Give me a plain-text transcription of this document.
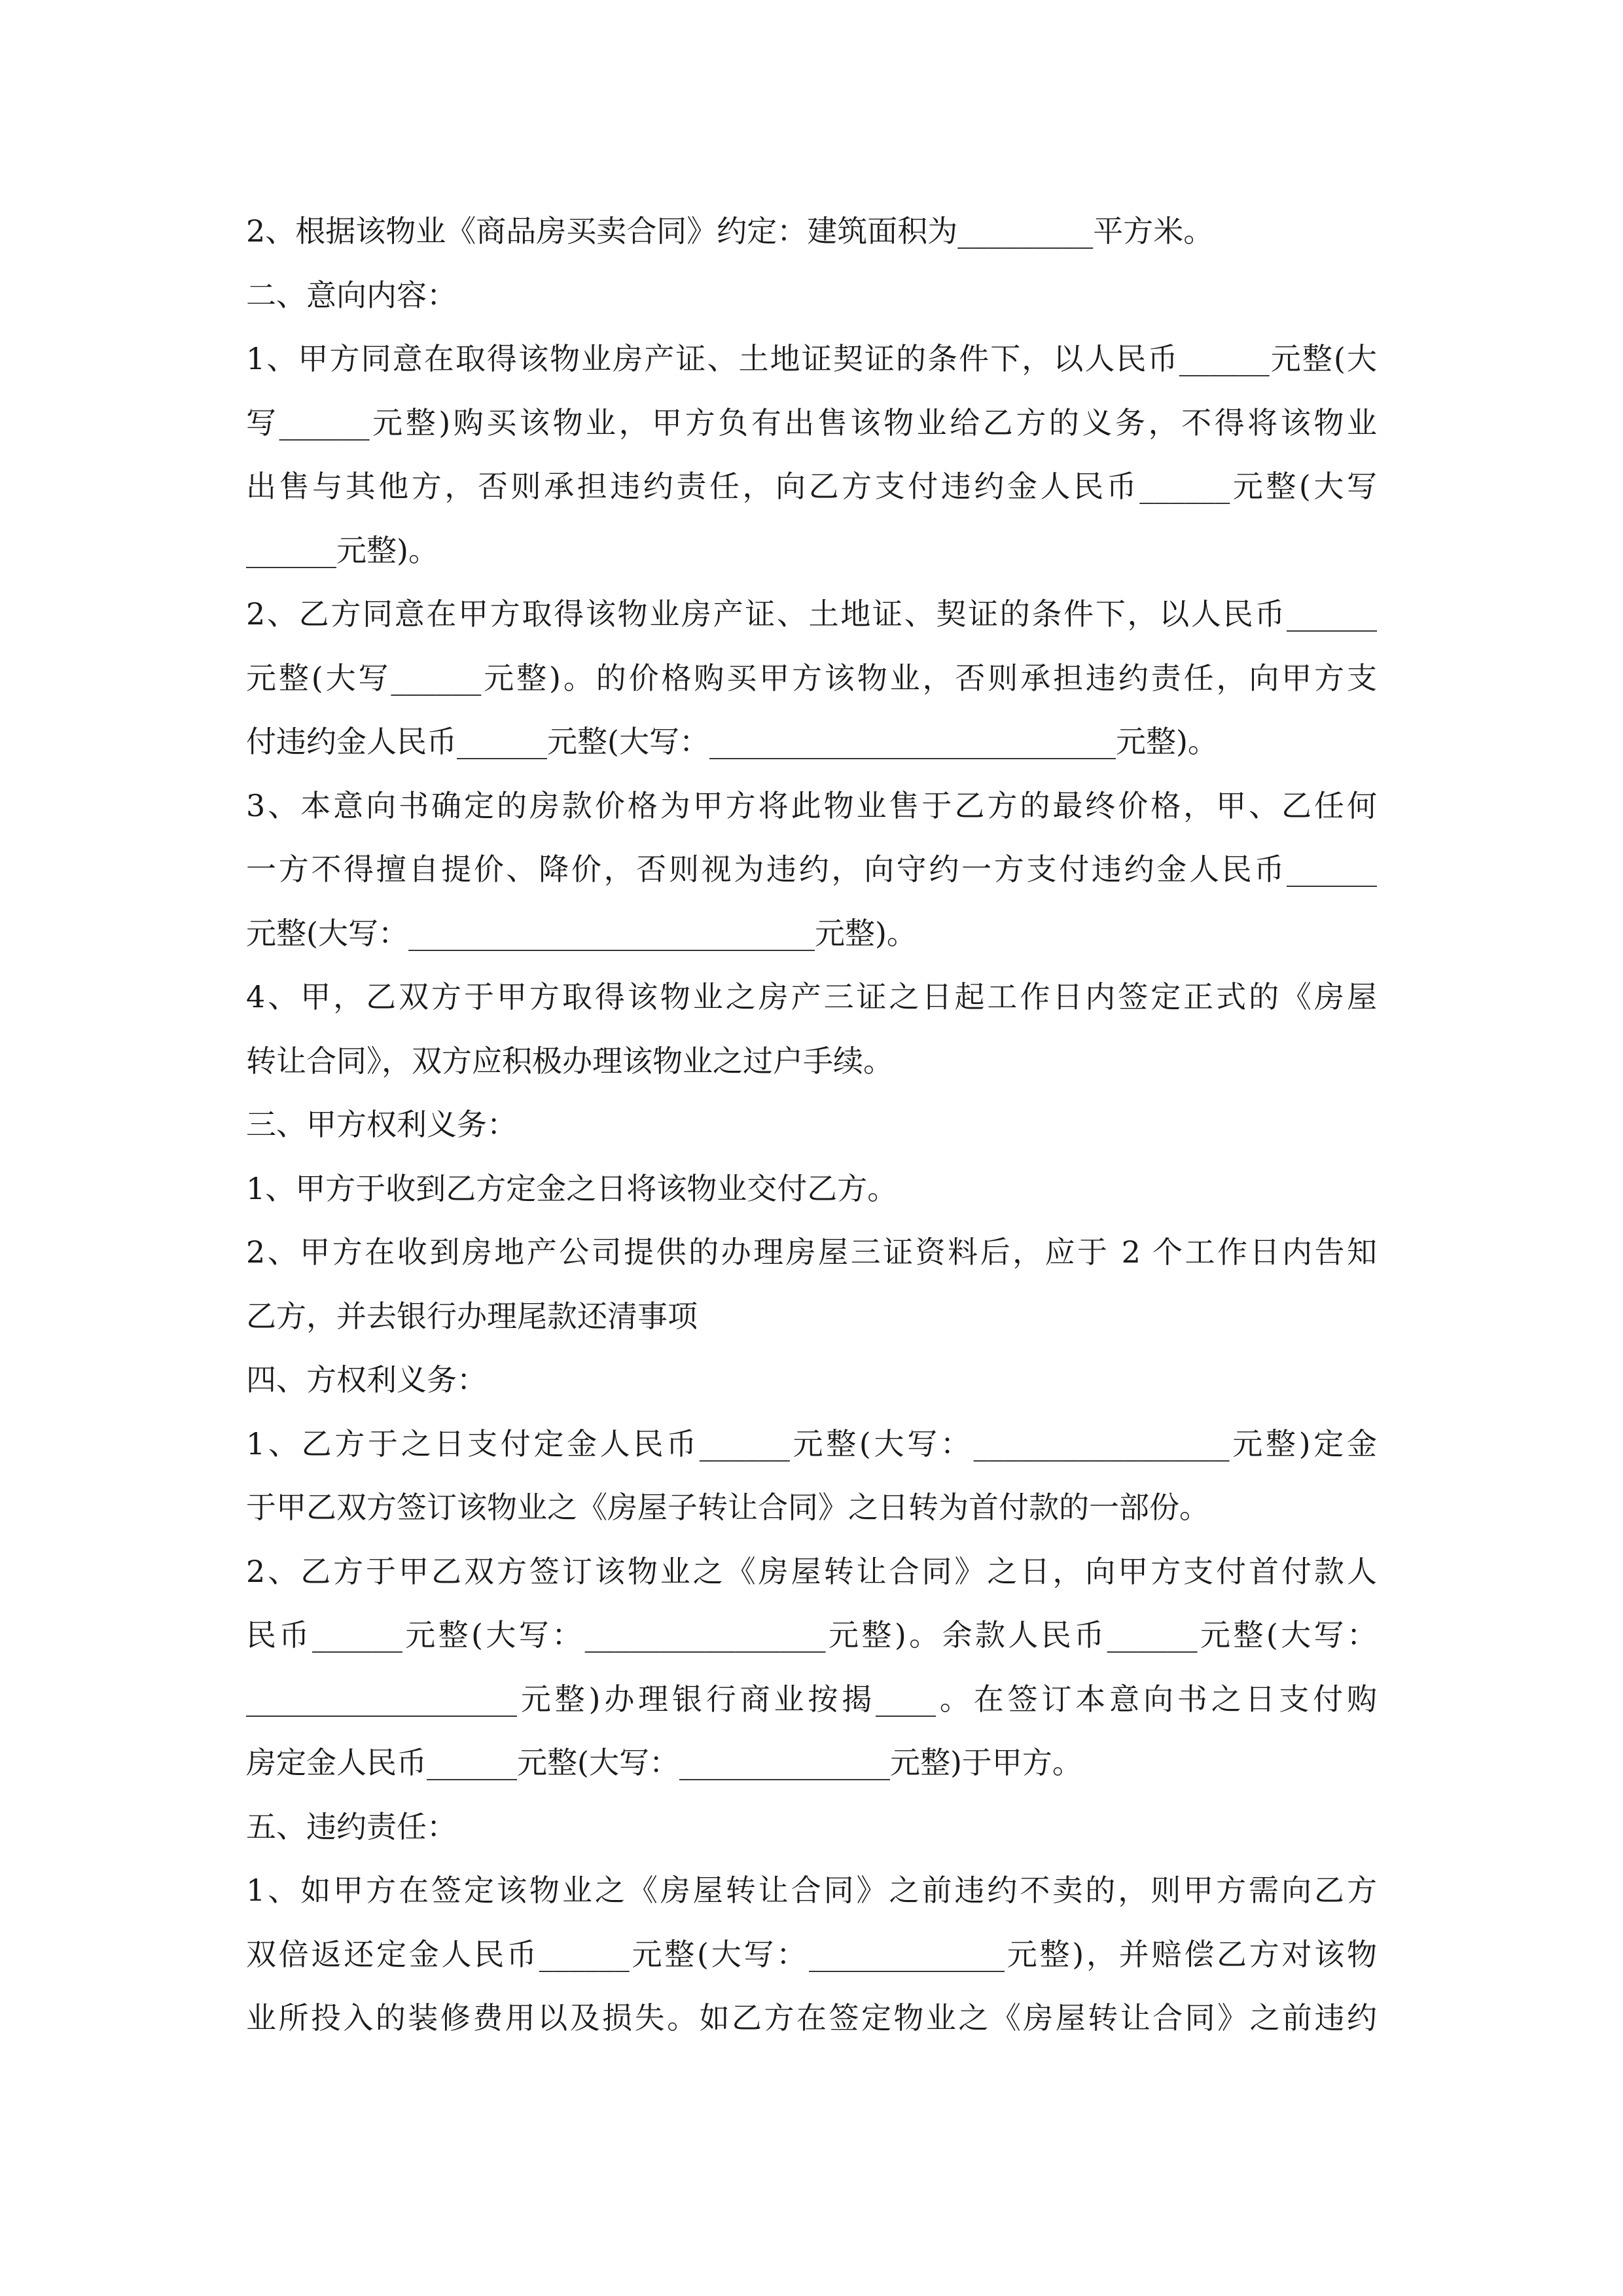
2、根据该物业《商品房买卖合同》约定：建筑面积为_________平方米。
二、意向内容：
1、甲方同意在取得该物业房产证、土地证契证的条件下，以人民币______元整(大
写______元整)购买该物业，甲方负有出售该物业给乙方的义务，不得将该物业
出售与其他方，否则承担违约责任，向乙方支付违约金人民币______元整(大写
______元整)。
2、乙方同意在甲方取得该物业房产证、土地证、契证的条件下，以人民币______
元整(大写______元整)。的价格购买甲方该物业，否则承担违约责任，向甲方支
付违约金人民币______元整(大写：___________________________元整)。
3、本意向书确定的房款价格为甲方将此物业售于乙方的最终价格，甲、乙任何
一方不得擅自提价、降价，否则视为违约，向守约一方支付违约金人民币______
元整(大写：___________________________元整)。
4、甲，乙双方于甲方取得该物业之房产三证之日起工作日内签定正式的《房屋
转让合同》，双方应积极办理该物业之过户手续。
三、甲方权利义务：
1、甲方于收到乙方定金之日将该物业交付乙方。
2、甲方在收到房地产公司提供的办理房屋三证资料后，应于 2 个工作日内告知
乙方，并去银行办理尾款还清事项
四、方权利义务：
1、乙方于之日支付定金人民币______元整(大写：_________________元整)定金
于甲乙双方签订该物业之《房屋子转让合同》之日转为首付款的一部份。
2、乙方于甲乙双方签订该物业之《房屋转让合同》之日，向甲方支付首付款人
民币______元整(大写：________________元整)。余款人民币______元整(大写：
__________________元整)办理银行商业按揭____。在签订本意向书之日支付购
房定金人民币______元整(大写：______________元整)于甲方。
五、违约责任：
1、如甲方在签定该物业之《房屋转让合同》之前违约不卖的，则甲方需向乙方
双倍返还定金人民币______元整(大写：_____________元整)，并赔偿乙方对该物
业所投入的装修费用以及损失。如乙方在签定物业之《房屋转让合同》之前违约
